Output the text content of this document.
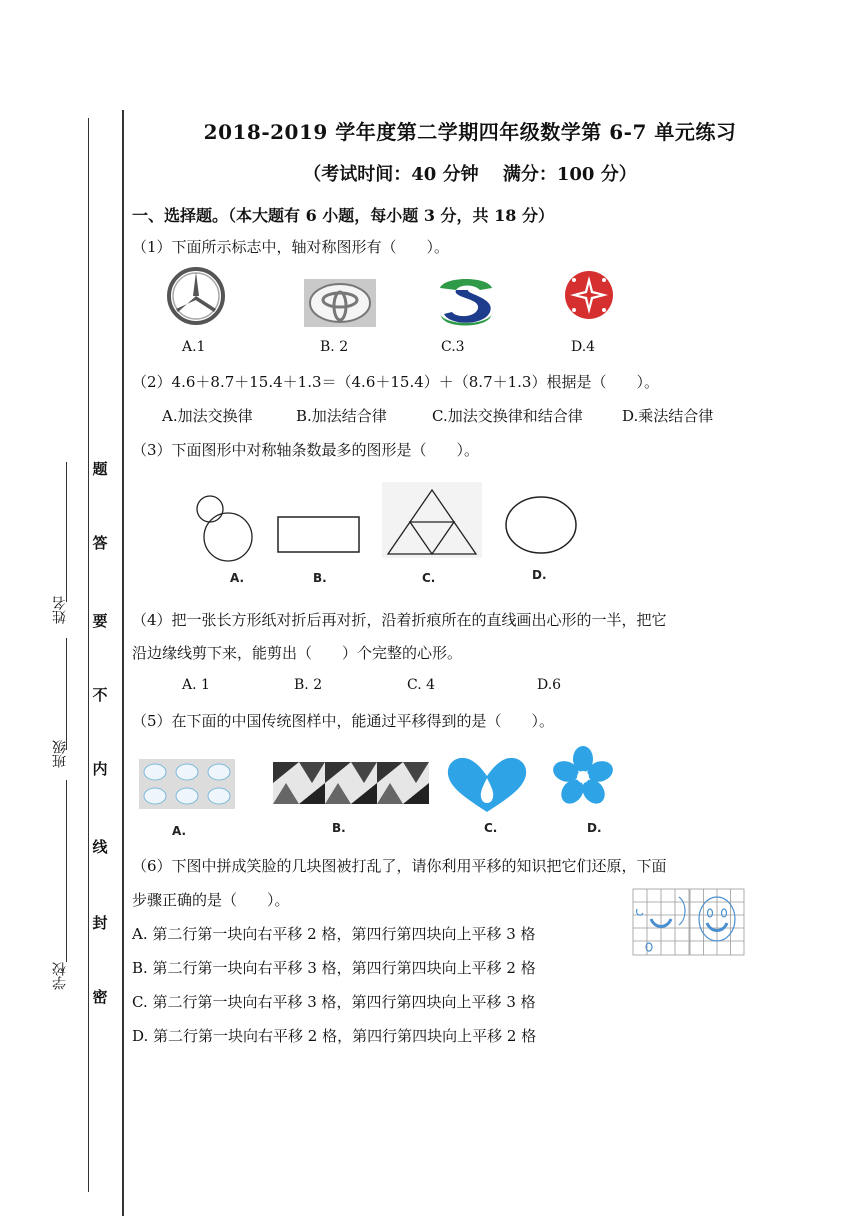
题
答
要
不
内
线
封
密
姓名
班级
学校
2018-2019 学年度第二学期四年级数学第 6-7 单元练习
（考试时间：40 分钟　 满分：100 分）
一、选择题。（本大题有 6 小题，每小题 3 分，共 18 分）
（1）下面所示标志中，轴对称图形有（　　）。
A.1	B. 2	C.3	D.4
（2）4.6＋8.7＋15.4＋1.3＝（4.6＋15.4）＋（8.7＋1.3）根据是（　　）。
A.加法交换律	B.加法结合律	C.加法交换律和结合律	D.乘法结合律
（3）下面图形中对称轴条数最多的图形是（　　）。
A.	B.	C.	D.
（4）把一张长方形纸对折后再对折，沿着折痕所在的直线画出心形的一半，把它
沿边缘线剪下来，能剪出（　　）个完整的心形。
A. 1	B. 2	C. 4	D.6
（5）在下面的中国传统图样中，能通过平移得到的是（　　）。
A.	B.	C.	D.
（6）下图中拼成笑脸的几块图被打乱了，请你利用平移的知识把它们还原，下面
步骤正确的是（　　）。
A. 第二行第一块向右平移 2 格，第四行第四块向上平移 3 格
B. 第二行第一块向右平移 3 格，第四行第四块向上平移 2 格
C. 第二行第一块向右平移 3 格，第四行第四块向上平移 3 格
D. 第二行第一块向右平移 2 格，第四行第四块向上平移 2 格
